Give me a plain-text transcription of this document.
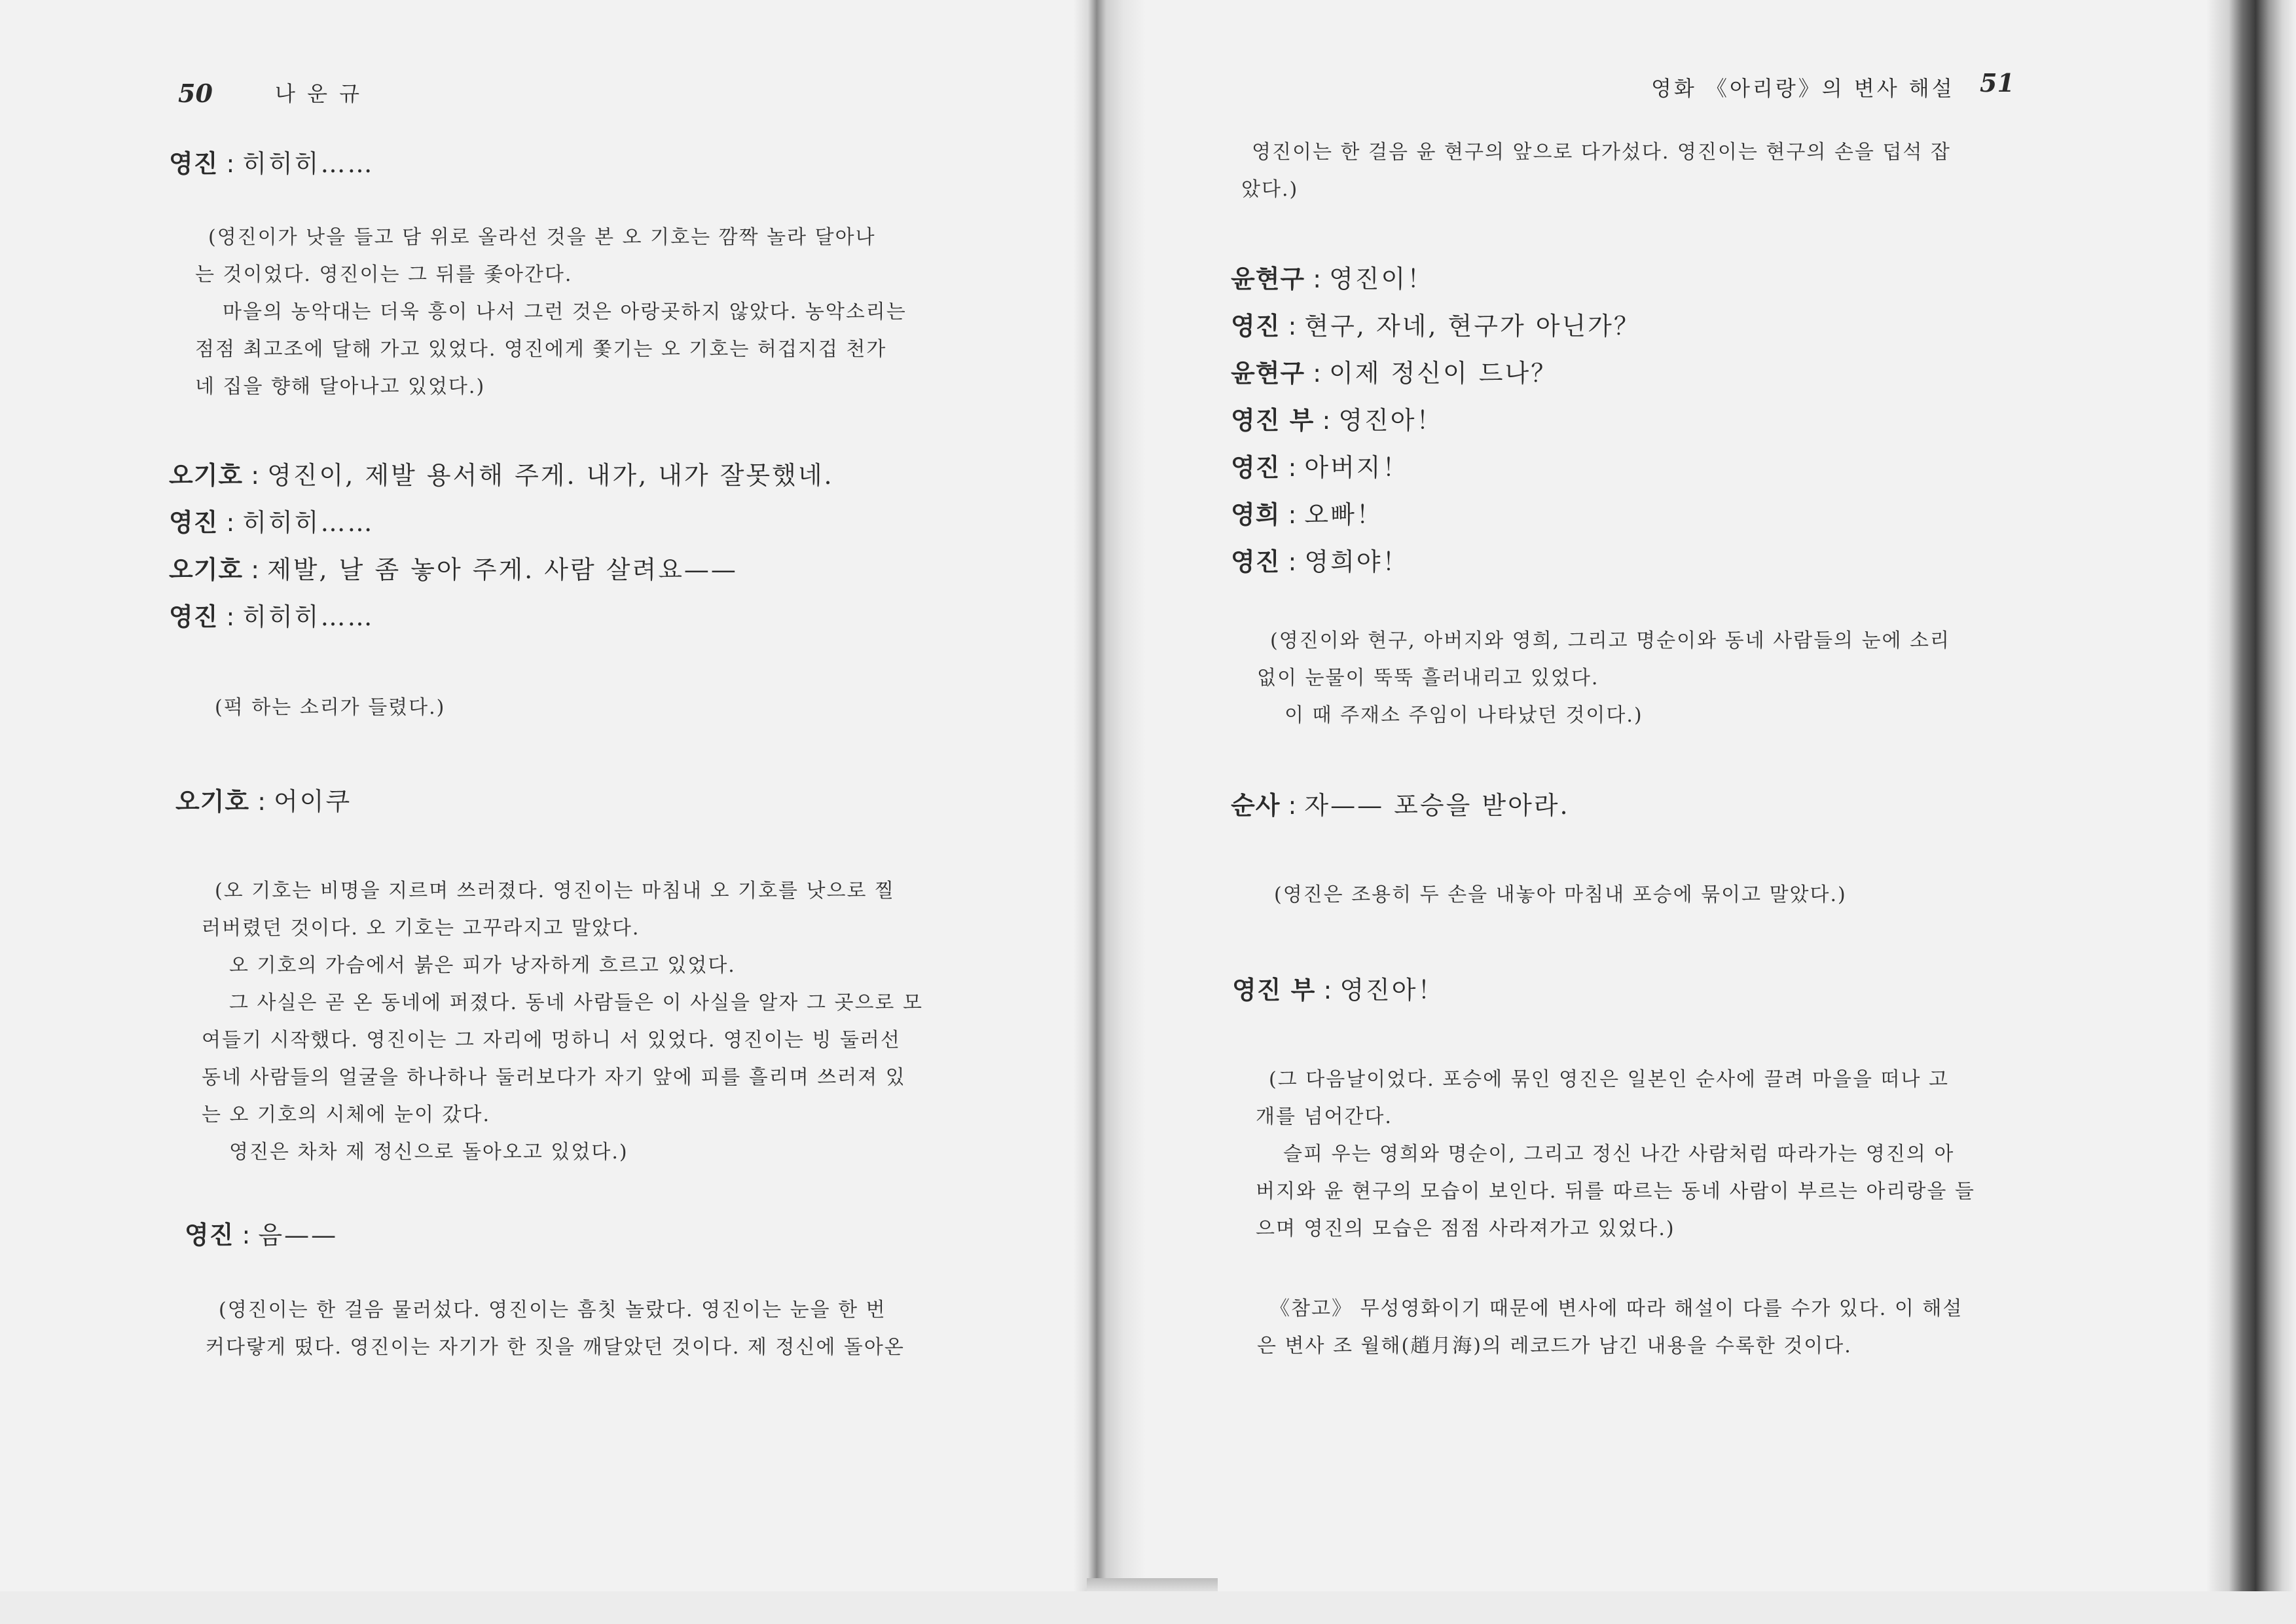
50	나 운 규

영진 : 히히히……

(영진이가 낫을 들고 담 위로 올라선 것을 본 오 기호는 깜짝 놀라 달아나

는 것이었다. 영진이는 그 뒤를 좇아간다.

마을의 농악대는 더욱 흥이 나서 그런 것은 아랑곳하지 않았다. 농악소리는

점점 최고조에 달해 가고 있었다. 영진에게 쫓기는 오 기호는 허겁지겁 천가

네 집을 향해 달아나고 있었다.)

오기호 : 영진이, 제발 용서해 주게. 내가, 내가 잘못했네.

영진 : 히히히……

오기호 : 제발, 날 좀 놓아 주게. 사람 살려요——

영진 : 히히히……

(퍽 하는 소리가 들렸다.)

오기호 : 어이쿠

(오 기호는 비명을 지르며 쓰러졌다. 영진이는 마침내 오 기호를 낫으로 찔

러버렸던 것이다. 오 기호는 고꾸라지고 말았다.

오 기호의 가슴에서 붉은 피가 낭자하게 흐르고 있었다.

그 사실은 곧 온 동네에 퍼졌다. 동네 사람들은 이 사실을 알자 그 곳으로 모

여들기 시작했다. 영진이는 그 자리에 멍하니 서 있었다. 영진이는 빙 둘러선

동네 사람들의 얼굴을 하나하나 둘러보다가 자기 앞에 피를 흘리며 쓰러져 있

는 오 기호의 시체에 눈이 갔다.

영진은 차차 제 정신으로 돌아오고 있었다.)

영진 : 음——

(영진이는 한 걸음 물러섰다. 영진이는 흠칫 놀랐다. 영진이는 눈을 한 번

커다랗게 떴다. 영진이는 자기가 한 짓을 깨달았던 것이다. 제 정신에 돌아온

영화 《아리랑》의 변사 해설 51

영진이는 한 걸음 윤 현구의 앞으로 다가섰다. 영진이는 현구의 손을 덥석 잡

았다.)

윤현구 : 영진이！

영진 : 현구, 자네, 현구가 아닌가？

윤현구 : 이제 정신이 드나？

영진 부 : 영진아！

영진 : 아버지！

영희 : 오빠！

영진 : 영희야！

(영진이와 현구, 아버지와 영희, 그리고 명순이와 동네 사람들의 눈에 소리

없이 눈물이 뚝뚝 흘러내리고 있었다.

이 때 주재소 주임이 나타났던 것이다.)

순사 : 자—— 포승을 받아라.

(영진은 조용히 두 손을 내놓아 마침내 포승에 묶이고 말았다.)

영진 부 : 영진아！

(그 다음날이었다. 포승에 묶인 영진은 일본인 순사에 끌려 마을을 떠나 고

개를 넘어간다.

슬피 우는 영희와 명순이, 그리고 정신 나간 사람처럼 따라가는 영진의 아

버지와 윤 현구의 모습이 보인다. 뒤를 따르는 동네 사람이 부르는 아리랑을 들

으며 영진의 모습은 점점 사라져가고 있었다.)

《참고》 무성영화이기 때문에 변사에 따라 해설이 다를 수가 있다. 이 해설

은 변사 조 월해(趙月海)의 레코드가 남긴 내용을 수록한 것이다.
